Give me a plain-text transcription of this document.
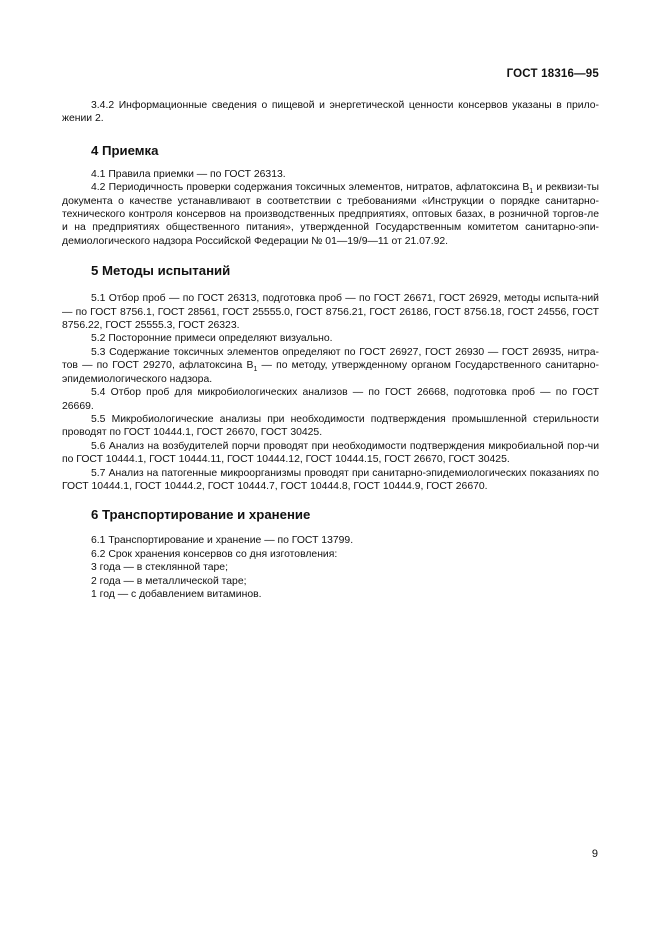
ГОСТ 18316—95

3.4.2 Информационные сведения о пищевой и энергетической ценности консервов указаны в прило-жении 2.

4 Приемка

4.1 Правила приемки — по ГОСТ 26313.

4.2 Периодичность проверки содержания токсичных элементов, нитратов, афлатоксина $В_1$ и реквизи-ты документа о качестве устанавливают в соответствии с требованиями «Инструкции о порядке санитарно-технического контроля консервов на производственных предприятиях, оптовых базах, в розничной торгов-ле и на предприятиях общественного питания», утвержденной Государственным комитетом санитарно-эпи-демиологического надзора Российской Федерации № 01—19/9—11 от 21.07.92.

5 Методы испытаний

5.1 Отбор проб — по ГОСТ 26313, подготовка проб — по ГОСТ 26671, ГОСТ 26929, методы испыта-ний — по ГОСТ 8756.1, ГОСТ 28561, ГОСТ 25555.0, ГОСТ 8756.21, ГОСТ 26186, ГОСТ 8756.18, ГОСТ 24556, ГОСТ 8756.22, ГОСТ 25555.3, ГОСТ 26323.

5.2 Посторонние примеси определяют визуально.

5.3 Содержание токсичных элементов определяют по ГОСТ 26927, ГОСТ 26930 — ГОСТ 26935, нитра-тов — по ГОСТ 29270, афлатоксина $В_1$ — по методу, утвержденному органом Государственного санитарно-эпидемиологического надзора.

5.4 Отбор проб для микробиологических анализов — по ГОСТ 26668, подготовка проб — по ГОСТ 26669.

5.5 Микробиологические анализы при необходимости подтверждения промышленной стерильности проводят по ГОСТ 10444.1, ГОСТ 26670, ГОСТ 30425.

5.6 Анализ на возбудителей порчи проводят при необходимости подтверждения микробиальной пор-чи по ГОСТ 10444.1, ГОСТ 10444.11, ГОСТ 10444.12, ГОСТ 10444.15, ГОСТ 26670, ГОСТ 30425.

5.7 Анализ на патогенные микроорганизмы проводят при санитарно-эпидемиологических показаниях по ГОСТ 10444.1, ГОСТ 10444.2, ГОСТ 10444.7, ГОСТ 10444.8, ГОСТ 10444.9, ГОСТ 26670.

6 Транспортирование и хранение

6.1 Транспортирование и хранение — по ГОСТ 13799.

6.2 Срок хранения консервов со дня изготовления:

3 года — в стеклянной таре;

2 года — в металлической таре;

1 год — с добавлением витаминов.

9
